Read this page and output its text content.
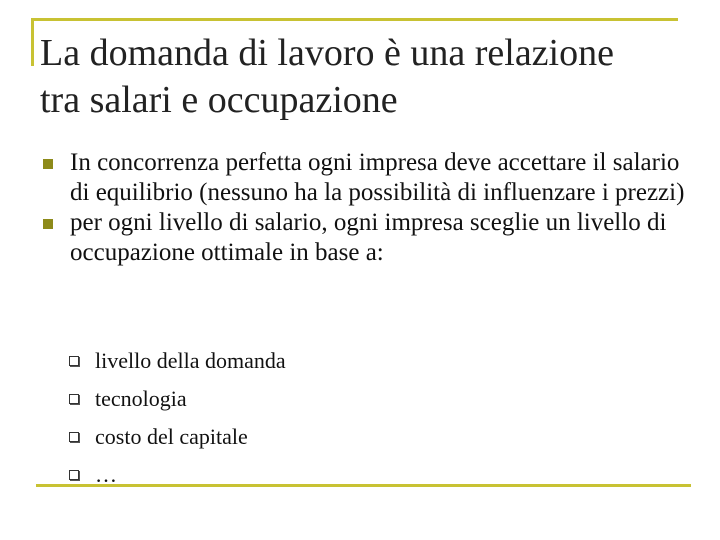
La domanda di lavoro è una relazione
tra salari e occupazione
In concorrenza perfetta ogni impresa deve accettare il salario di equilibrio (nessuno ha la possibilità di influenzare i prezzi)
per ogni livello di salario, ogni impresa sceglie un livello di occupazione ottimale in base a:
livello della domanda
tecnologia
costo del capitale
…
